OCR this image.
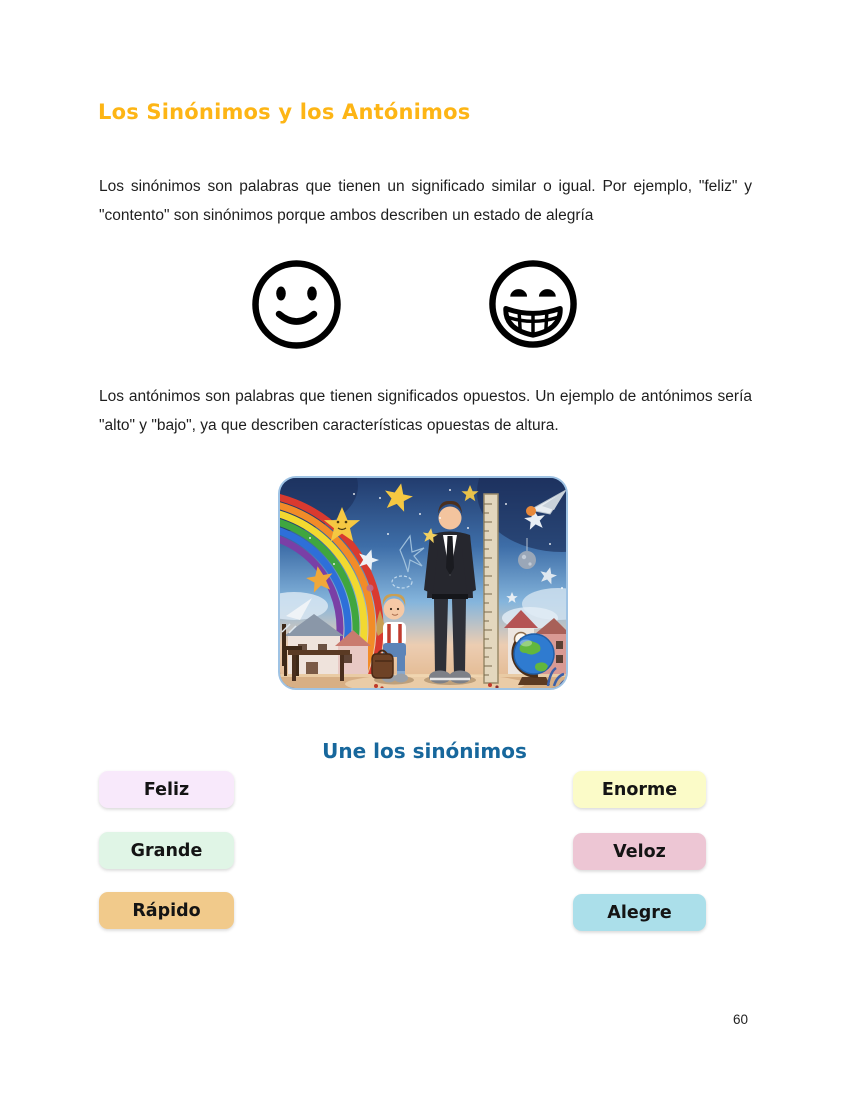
Los Sinónimos y los Antónimos

Los sinónimos son palabras que tienen un significado similar o igual. Por ejemplo, "feliz" y "contento" son sinónimos porque ambos describen un estado de alegría

Los antónimos son palabras que tienen significados opuestos. Un ejemplo de antónimos sería "alto" y "bajo", ya que describen características opuestas de altura.

Une los sinónimos
Feliz
Grande
Rápido
Enorme
Veloz
Alegre
60
